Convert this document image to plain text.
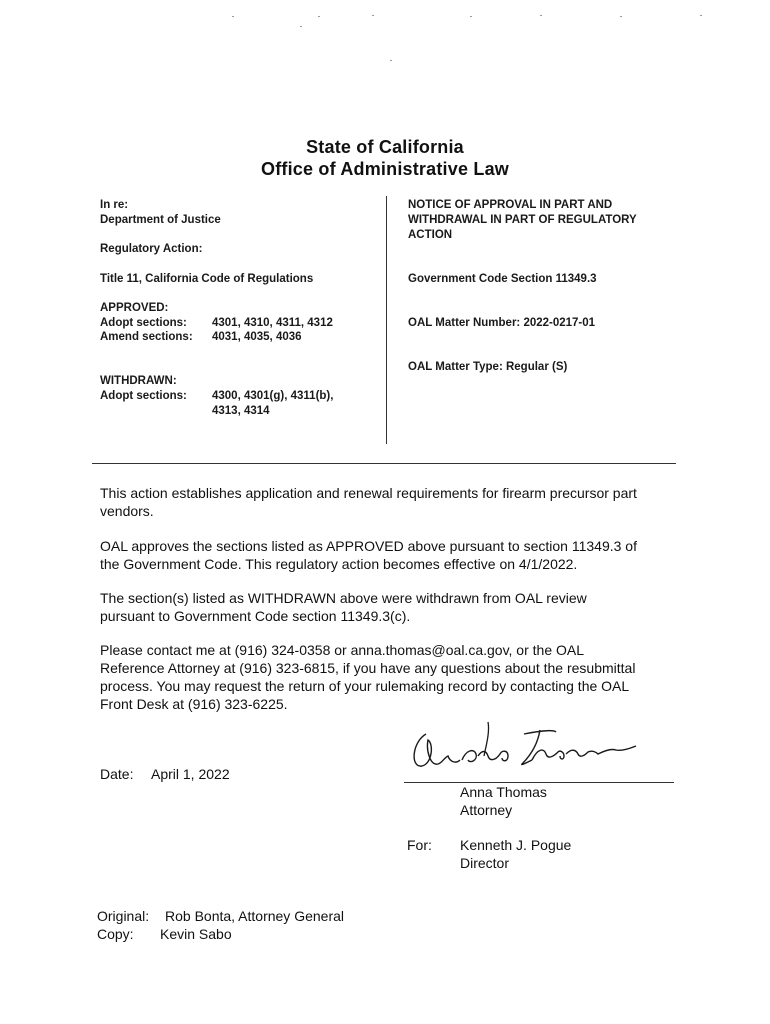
State of California
Office of Administrative Law
In re:
Department of Justice
Regulatory Action:
Title 11, California Code of Regulations
APPROVED:
Adopt sections: 4301, 4310, 4311, 4312
Amend sections: 4031, 4035, 4036
WITHDRAWN:
Adopt sections: 4300, 4301(g), 4311(b),
4313, 4314
NOTICE OF APPROVAL IN PART AND
WITHDRAWAL IN PART OF REGULATORY
ACTION
Government Code Section 11349.3
OAL Matter Number: 2022-0217-01
OAL Matter Type: Regular (S)
This action establishes application and renewal requirements for firearm precursor part
vendors.
OAL approves the sections listed as APPROVED above pursuant to section 11349.3 of
the Government Code. This regulatory action becomes effective on 4/1/2022.
The section(s) listed as WITHDRAWN above were withdrawn from OAL review
pursuant to Government Code section 11349.3(c).
Please contact me at (916) 324-0358 or anna.thomas@oal.ca.gov, or the OAL
Reference Attorney at (916) 323-6815, if you have any questions about the resubmittal
process. You may request the return of your rulemaking record by contacting the OAL
Front Desk at (916) 323-6225.
Date: April 1, 2022
Anna Thomas
Attorney
For: Kenneth J. Pogue
Director
Original: Rob Bonta, Attorney General
Copy: Kevin Sabo
